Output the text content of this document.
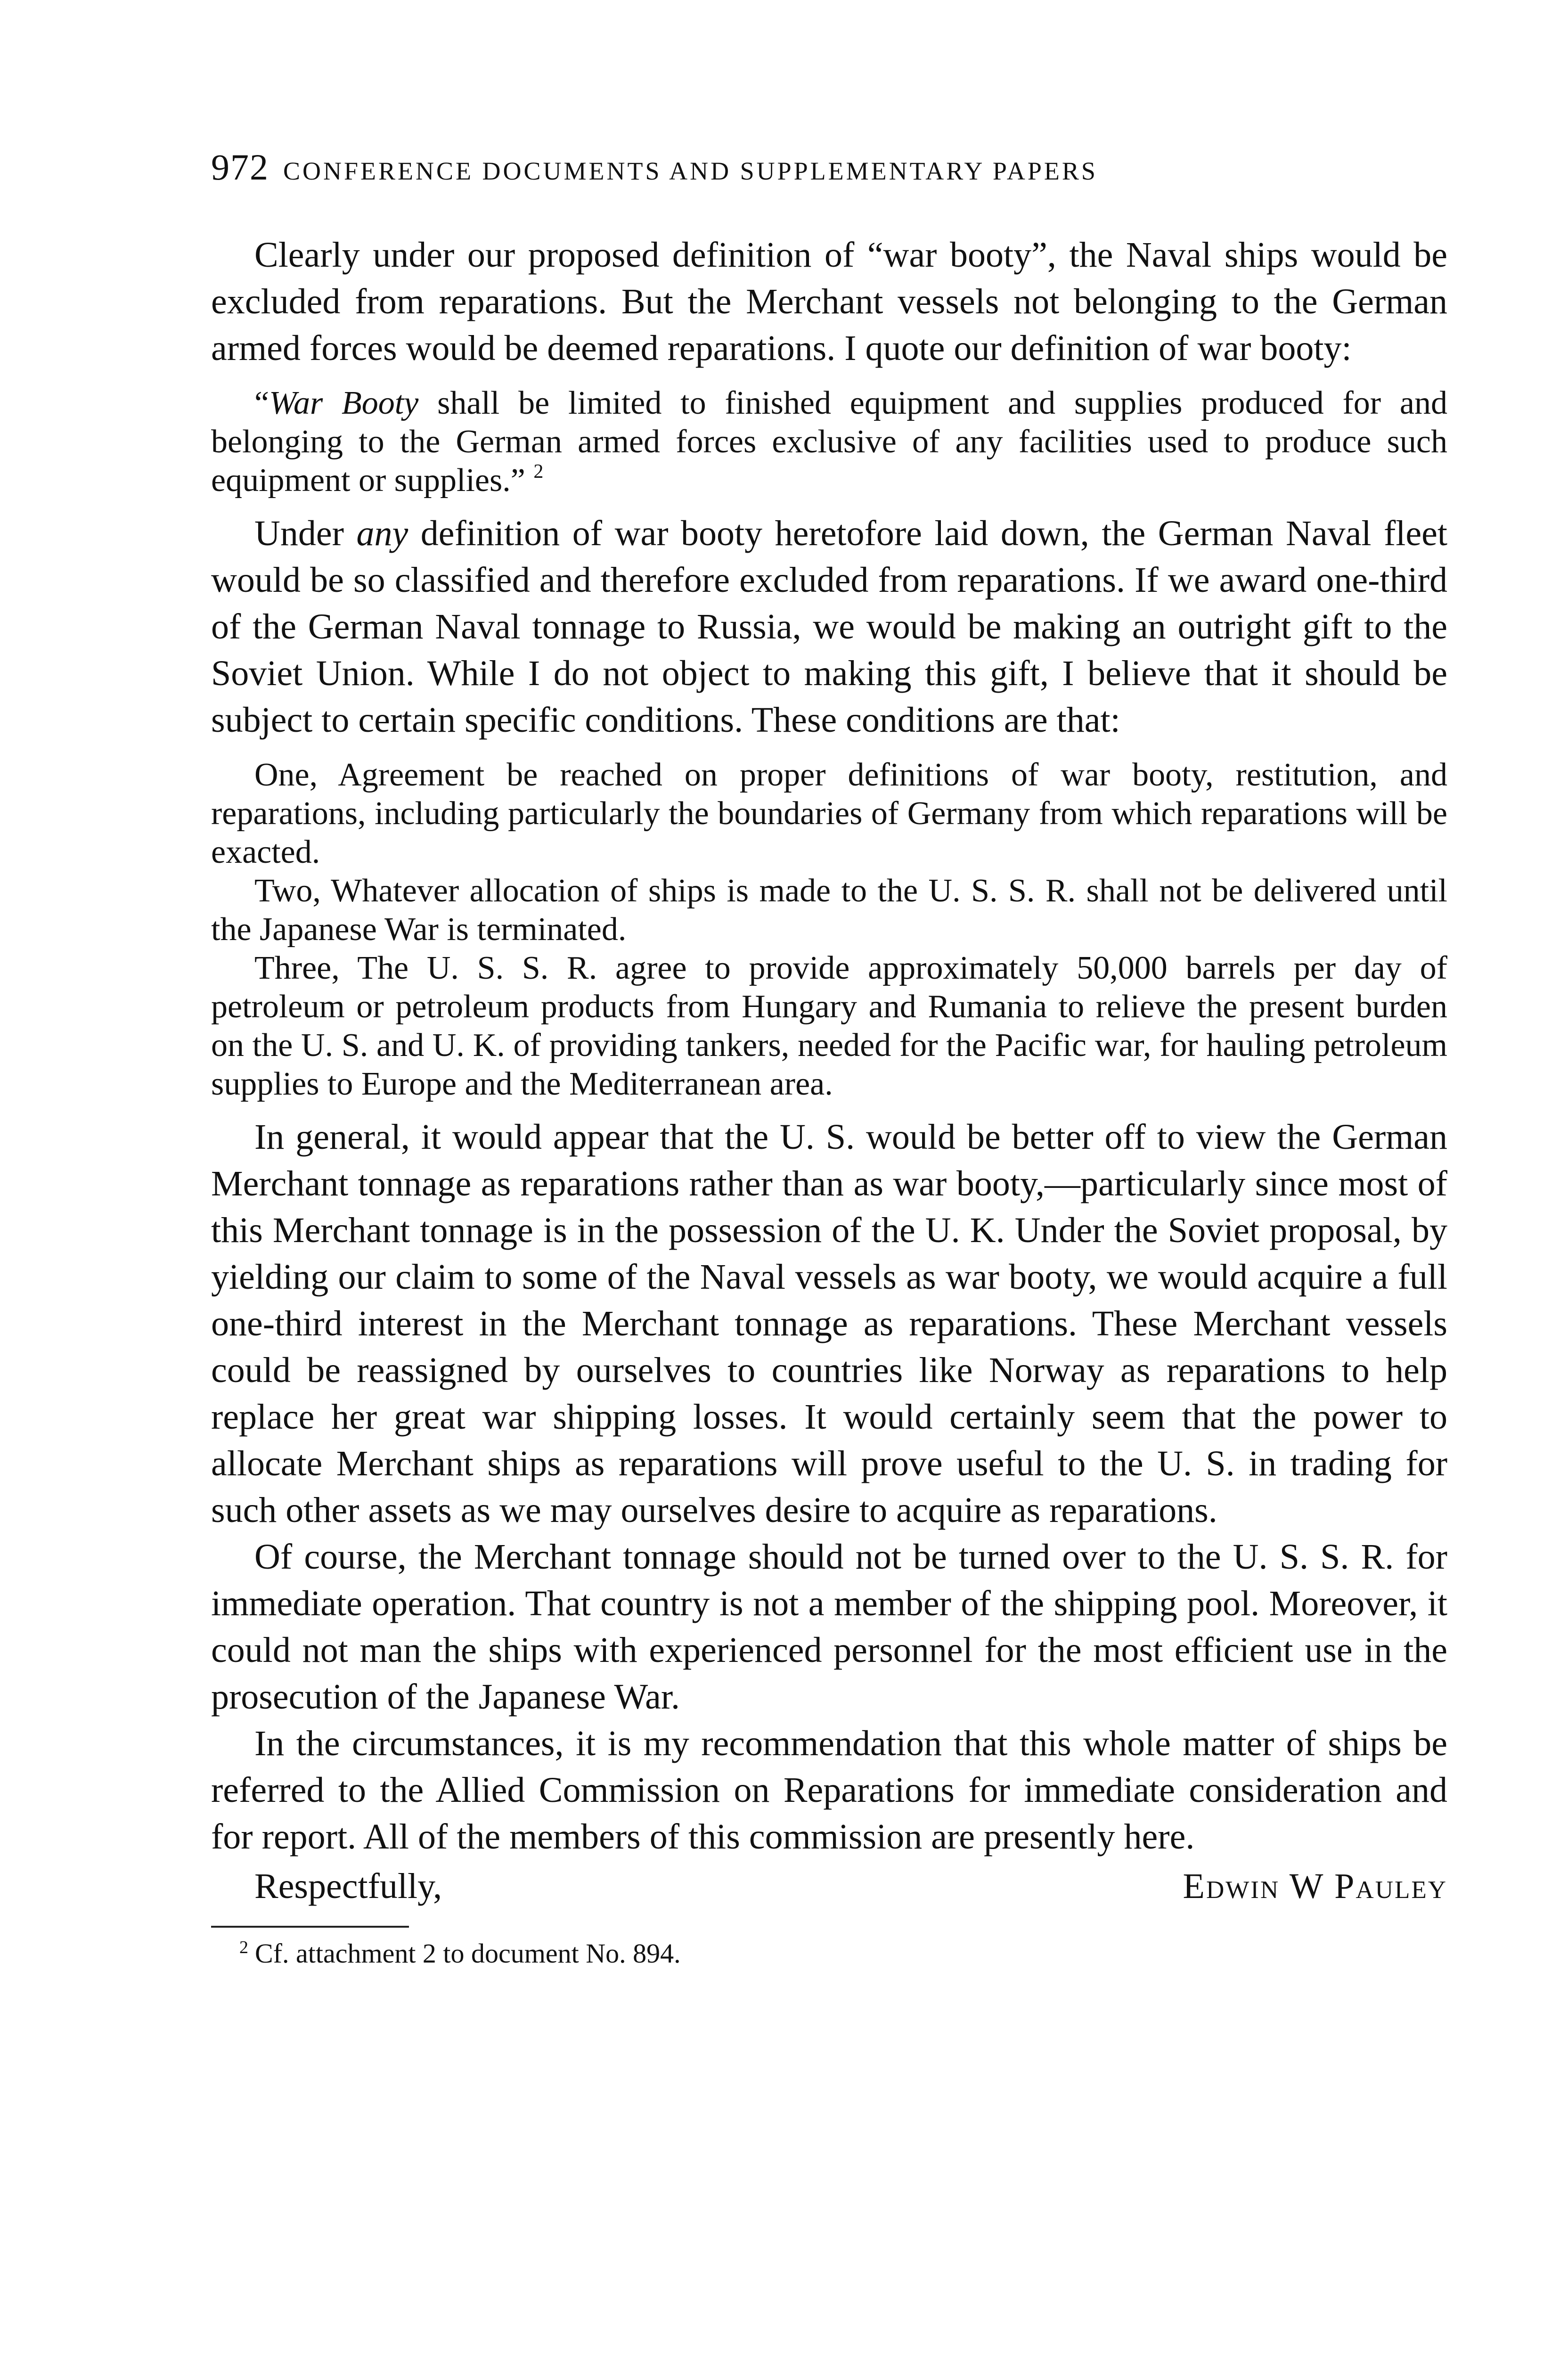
972 CONFERENCE DOCUMENTS AND SUPPLEMENTARY PAPERS

Clearly under our proposed definition of “war booty”, the Naval ships would be excluded from reparations. But the Merchant vessels not belonging to the German armed forces would be deemed reparations. I quote our definition of war booty:

“War Booty shall be limited to finished equipment and supplies produced for and belonging to the German armed forces exclusive of any facilities used to produce such equipment or supplies.” $^2$

Under any definition of war booty heretofore laid down, the German Naval fleet would be so classified and therefore excluded from reparations. If we award one-third of the German Naval tonnage to Russia, we would be making an outright gift to the Soviet Union. While I do not object to making this gift, I believe that it should be subject to certain specific conditions. These conditions are that:

One, Agreement be reached on proper definitions of war booty, restitution, and reparations, including particularly the boundaries of Germany from which reparations will be exacted.

Two, Whatever allocation of ships is made to the U. S. S. R. shall not be delivered until the Japanese War is terminated.

Three, The U. S. S. R. agree to provide approximately 50,000 barrels per day of petroleum or petroleum products from Hungary and Rumania to relieve the present burden on the U. S. and U. K. of providing tankers, needed for the Pacific war, for hauling petroleum supplies to Europe and the Mediterranean area.

In general, it would appear that the U. S. would be better off to view the German Merchant tonnage as reparations rather than as war booty,—particularly since most of this Merchant tonnage is in the possession of the U. K. Under the Soviet proposal, by yielding our claim to some of the Naval vessels as war booty, we would acquire a full one-third interest in the Merchant tonnage as reparations. These Merchant vessels could be reassigned by ourselves to countries like Norway as reparations to help replace her great war shipping losses. It would certainly seem that the power to allocate Merchant ships as reparations will prove useful to the U. S. in trading for such other assets as we may ourselves desire to acquire as reparations.

Of course, the Merchant tonnage should not be turned over to the U. S. S. R. for immediate operation. That country is not a member of the shipping pool. Moreover, it could not man the ships with experienced personnel for the most efficient use in the prosecution of the Japanese War.

In the circumstances, it is my recommendation that this whole matter of ships be referred to the Allied Commission on Reparations for immediate consideration and for report. All of the members of this commission are presently here.

Respectfully,	Edwin W Pauley
$^2$ Cf. attachment 2 to document No. 894.
